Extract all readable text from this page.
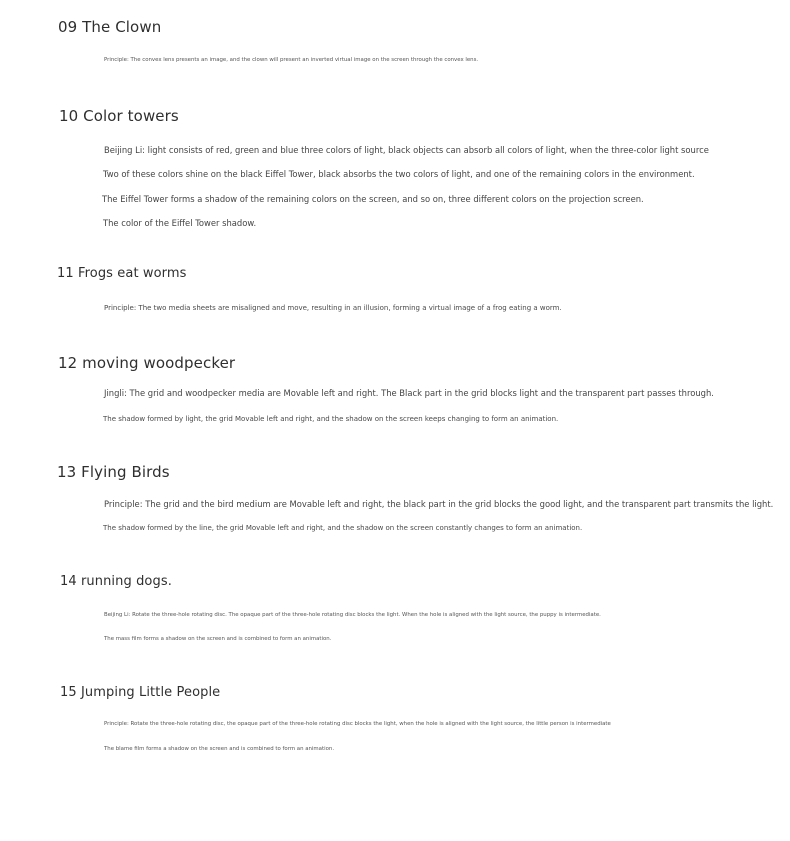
09 The Clown
Principle: The convex lens presents an image, and the clown will present an inverted virtual image on the screen through the convex lens.
10 Color towers
Beijing Li: light consists of red, green and blue three colors of light, black objects can absorb all colors of light, when the three-color light source
Two of these colors shine on the black Eiffel Tower, black absorbs the two colors of light, and one of the remaining colors in the environment.
The Eiffel Tower forms a shadow of the remaining colors on the screen, and so on, three different colors on the projection screen.
The color of the Eiffel Tower shadow.
11 Frogs eat worms
Principle: The two media sheets are misaligned and move, resulting in an illusion, forming a virtual image of a frog eating a worm.
12 moving woodpecker
Jingli: The grid and woodpecker media are Movable left and right. The Black part in the grid blocks light and the transparent part passes through.
The shadow formed by light, the grid Movable left and right, and the shadow on the screen keeps changing to form an animation.
13 Flying Birds
Principle: The grid and the bird medium are Movable left and right, the black part in the grid blocks the good light, and the transparent part transmits the light.
The shadow formed by the line, the grid Movable left and right, and the shadow on the screen constantly changes to form an animation.
14 running dogs.
Beijing Li: Rotate the three-hole rotating disc. The opaque part of the three-hole rotating disc blocks the light. When the hole is aligned with the light source, the puppy is intermediate.
The mass film forms a shadow on the screen and is combined to form an animation.
15 Jumping Little People
Principle: Rotate the three-hole rotating disc, the opaque part of the three-hole rotating disc blocks the light, when the hole is aligned with the light source, the little person is intermediate
The blame film forms a shadow on the screen and is combined to form an animation.
